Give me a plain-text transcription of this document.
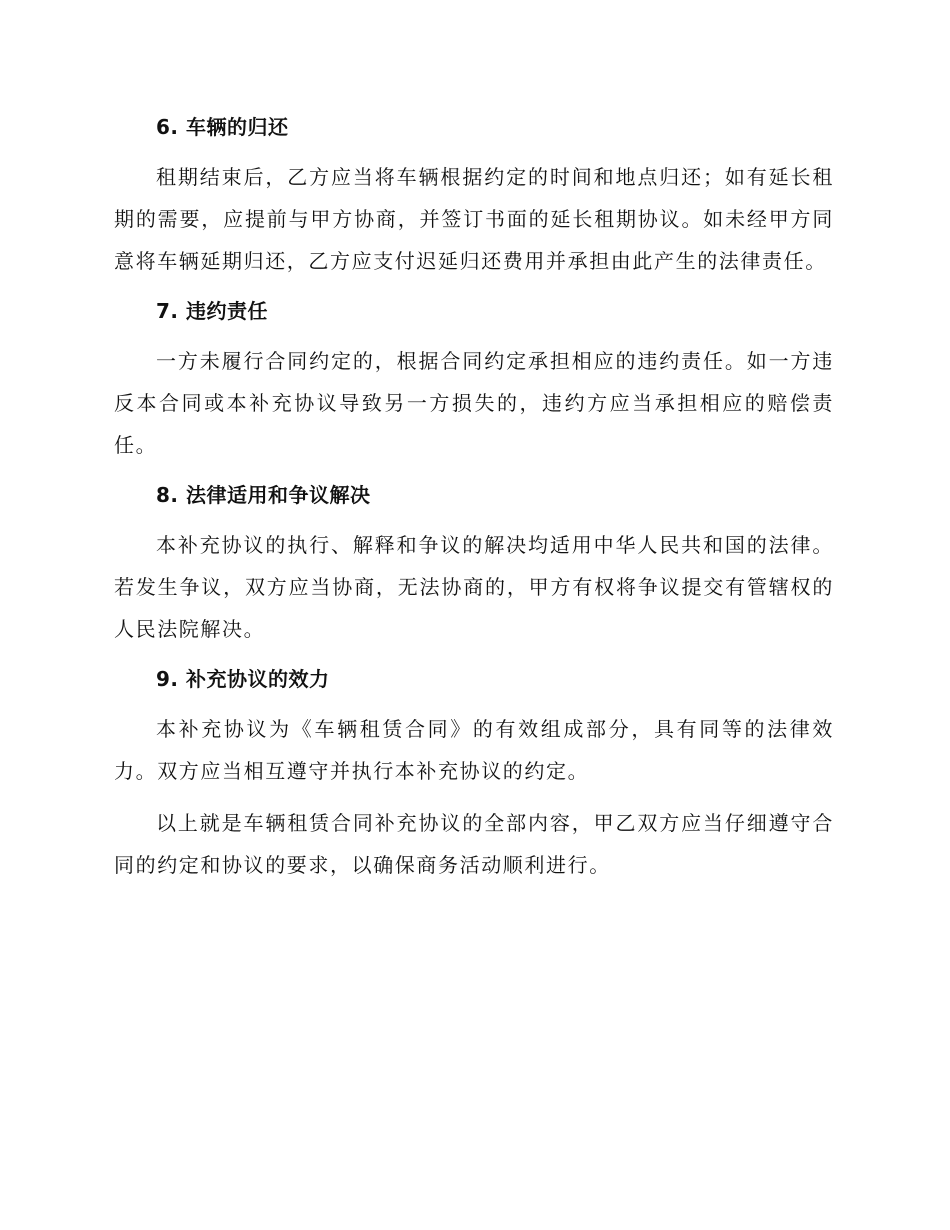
6. 车辆的归还

租期结束后，乙方应当将车辆根据约定的时间和地点归还；如有延长租期的需要，应提前与甲方协商，并签订书面的延长租期协议。如未经甲方同意将车辆延期归还，乙方应支付迟延归还费用并承担由此产生的法律责任。

7. 违约责任

一方未履行合同约定的，根据合同约定承担相应的违约责任。如一方违反本合同或本补充协议导致另一方损失的，违约方应当承担相应的赔偿责任。

8. 法律适用和争议解决

本补充协议的执行、解释和争议的解决均适用中华人民共和国的法律。若发生争议，双方应当协商，无法协商的，甲方有权将争议提交有管辖权的人民法院解决。

9. 补充协议的效力

本补充协议为《车辆租赁合同》的有效组成部分，具有同等的法律效力。双方应当相互遵守并执行本补充协议的约定。

以上就是车辆租赁合同补充协议的全部内容，甲乙双方应当仔细遵守合同的约定和协议的要求，以确保商务活动顺利进行。
